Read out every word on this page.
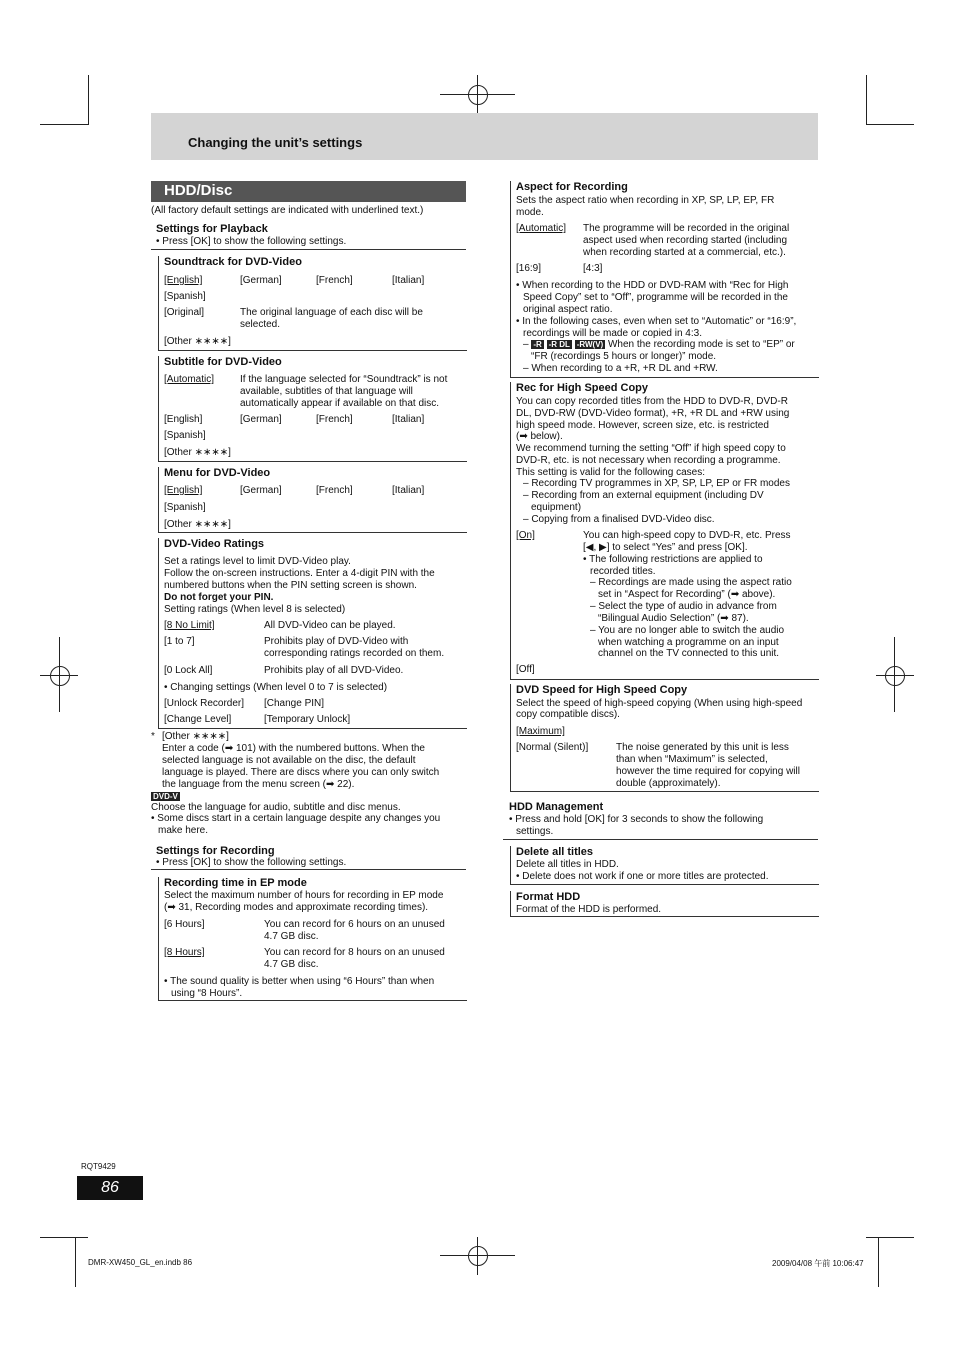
Changing the unit’s settings
HDD/Disc
(All factory default settings are indicated with underlined text.)
Settings for Playback
• Press [OK] to show the following settings.
Soundtrack for DVD-Video
[English]	[German]	[French]	[Italian]
[Spanish]
[Original]	The original language of each disc will be
selected.
[Other ∗∗∗∗]
Subtitle for DVD-Video
[Automatic]	If the language selected for “Soundtrack” is not
available, subtitles of that language will
automatically appear if available on that disc.
[English]	[German]	[French]	[Italian]
[Spanish]
[Other ∗∗∗∗]
Menu for DVD-Video
[English]	[German]	[French]	[Italian]
[Spanish]
[Other ∗∗∗∗]
DVD-Video Ratings
Set a ratings level to limit DVD-Video play.
Follow the on-screen instructions. Enter a 4-digit PIN with the
numbered buttons when the PIN setting screen is shown.
Do not forget your PIN.
Setting ratings (When level 8 is selected)
[8 No Limit]	All DVD-Video can be played.
[1 to 7]	Prohibits play of DVD-Video with
corresponding ratings recorded on them.
[0 Lock All]	Prohibits play of all DVD-Video.
• Changing settings (When level 0 to 7 is selected)
[Unlock Recorder] [Change PIN]
[Change Level]	[Temporary Unlock]
* [Other ∗∗∗∗]
Enter a code (➡ 101) with the numbered buttons. When the
selected language is not available on the disc, the default
language is played. There are discs where you can only switch
the language from the menu screen (➡ 22).
DVD-V
Choose the language for audio, subtitle and disc menus.
• Some discs start in a certain language despite any changes you
make here.
Settings for Recording
• Press [OK] to show the following settings.
Recording time in EP mode
Select the maximum number of hours for recording in EP mode
(➡ 31, Recording modes and approximate recording times).
[6 Hours]	You can record for 6 hours on an unused
4.7 GB disc.
[8 Hours]	You can record for 8 hours on an unused
4.7 GB disc.
• The sound quality is better when using “6 Hours” than when
using “8 Hours”.
Aspect for Recording
Sets the aspect ratio when recording in XP, SP, LP, EP, FR
mode.
[Automatic] The programme will be recorded in the original
aspect used when recording started (including
when recording started at a commercial, etc.).
[16:9]	[4:3]
• When recording to the HDD or DVD-RAM with “Rec for High
Speed Copy” set to “Off”, programme will be recorded in the
original aspect ratio.
• In the following cases, even when set to “Automatic” or “16:9”,
recordings will be made or copied in 4:3.
– -R -R DL -RW(V) When the recording mode is set to “EP” or
“FR (recordings 5 hours or longer)” mode.
– When recording to a +R, +R DL and +RW.
Rec for High Speed Copy
You can copy recorded titles from the HDD to DVD-R, DVD-R
DL, DVD-RW (DVD-Video format), +R, +R DL and +RW using
high speed mode. However, screen size, etc. is restricted
(➡ below).
We recommend turning the setting “Off” if high speed copy to
DVD-R, etc. is not necessary when recording a programme.
This setting is valid for the following cases:
– Recording TV programmes in XP, SP, LP, EP or FR modes
– Recording from an external equipment (including DV
equipment)
– Copying from a finalised DVD-Video disc.
[On]	You can high-speed copy to DVD-R, etc. Press
[◀, ▶] to select “Yes” and press [OK].
• The following restrictions are applied to
recorded titles.
– Recordings are made using the aspect ratio
set in “Aspect for Recording” (➡ above).
– Select the type of audio in advance from
“Bilingual Audio Selection” (➡ 87).
– You are no longer able to switch the audio
when watching a programme on an input
channel on the TV connected to this unit.
[Off]
DVD Speed for High Speed Copy
Select the speed of high-speed copying (When using high-speed
copy compatible discs).
[Maximum]
[Normal (Silent)]	The noise generated by this unit is less
than when “Maximum” is selected,
however the time required for copying will
double (approximately).
HDD Management
• Press and hold [OK] for 3 seconds to show the following
settings.
Delete all titles
Delete all titles in HDD.
• Delete does not work if one or more titles are protected.
Format HDD
Format of the HDD is performed.
RQT9429
86
DMR-XW450_GL_en.indb 86	2009/04/08 午前 10:06:47
